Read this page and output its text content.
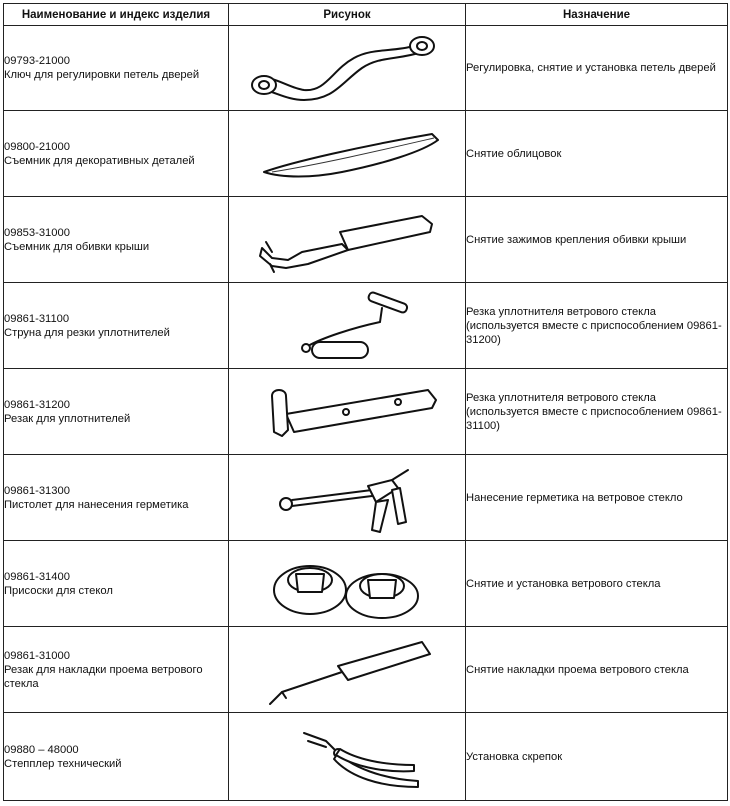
Наименование и индекс изделия	Рисунок	Назначение

09793-21000
Ключ для регулировки петель дверей		Регулировка, снятие и установка петель дверей

09800-21000
Съемник для декоративных деталей		Снятие облицовок

09853-31000
Съемник для обивки крыши		Снятие зажимов крепления обивки крыши

09861-31100
Струна для резки уплотнителей		Резка уплотнителя ветрового стекла (используется вместе с приспособлением 09861-31200)

09861-31200
Резак для уплотнителей		Резка уплотнителя ветрового стекла (используется вместе с приспособлением 09861-31100)

09861-31300
Пистолет для нанесения герметика		Нанесение герметика на ветровое стекло

09861-31400
Присоски для стекол		Снятие и установка ветрового стекла

09861-31000
Резак для накладки проема ветрового стекла		Снятие накладки проема ветрового стекла

09880 – 48000
Степплер технический		Установка скрепок
